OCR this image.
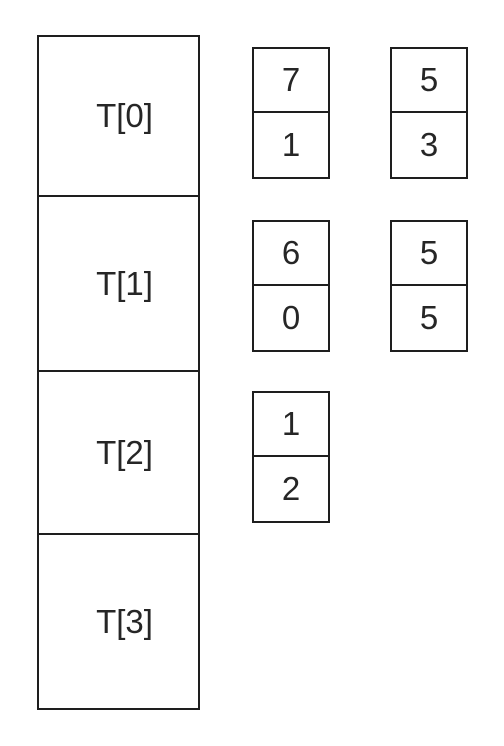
T[0]
T[1]
T[2]
T[3]
7
1
5
3
6
0
5
5
1
2
